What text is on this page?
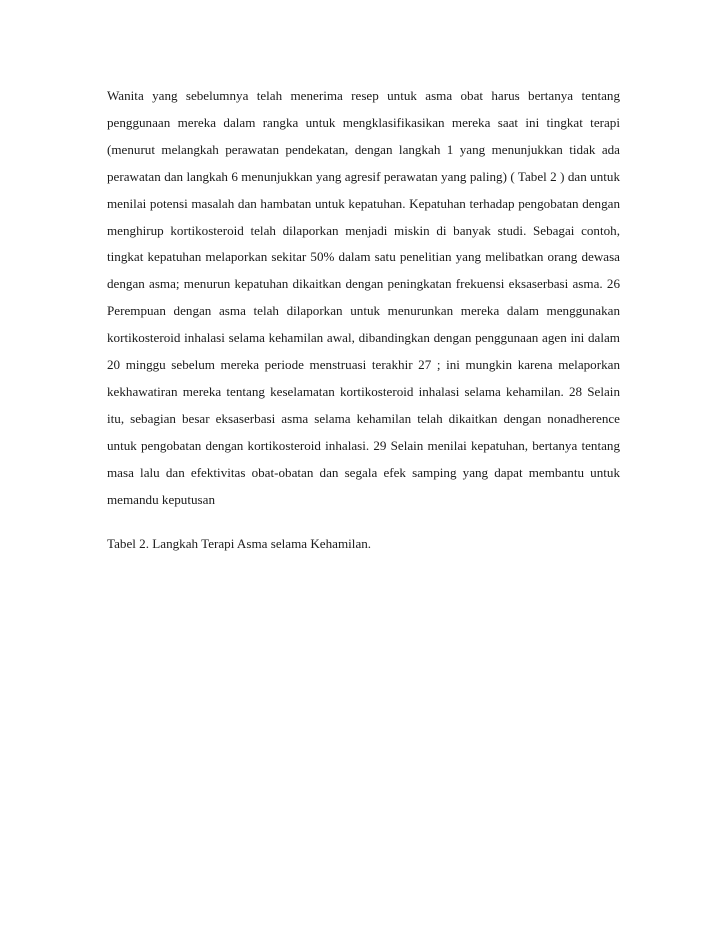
Wanita yang sebelumnya telah menerima resep untuk asma obat harus bertanya tentang penggunaan mereka dalam rangka untuk mengklasifikasikan mereka saat ini tingkat terapi (menurut melangkah perawatan pendekatan, dengan langkah 1 yang menunjukkan tidak ada perawatan dan langkah 6 menunjukkan yang agresif perawatan yang paling) ( Tabel 2 ) dan untuk menilai potensi masalah dan hambatan untuk kepatuhan. Kepatuhan terhadap pengobatan dengan menghirup kortikosteroid telah dilaporkan menjadi miskin di banyak studi. Sebagai contoh, tingkat kepatuhan melaporkan sekitar 50% dalam satu penelitian yang melibatkan orang dewasa dengan asma; menurun kepatuhan dikaitkan dengan peningkatan frekuensi eksaserbasi asma. 26 Perempuan dengan asma telah dilaporkan untuk menurunkan mereka dalam menggunakan kortikosteroid inhalasi selama kehamilan awal, dibandingkan dengan penggunaan agen ini dalam 20 minggu sebelum mereka periode menstruasi terakhir 27 ; ini mungkin karena melaporkan kekhawatiran mereka tentang keselamatan kortikosteroid inhalasi selama kehamilan. 28 Selain itu, sebagian besar eksaserbasi asma selama kehamilan telah dikaitkan dengan nonadherence untuk pengobatan dengan kortikosteroid inhalasi. 29 Selain menilai kepatuhan, bertanya tentang masa lalu dan efektivitas obat-obatan dan segala efek samping yang dapat membantu untuk memandu keputusan

Tabel 2. Langkah Terapi Asma selama Kehamilan.
